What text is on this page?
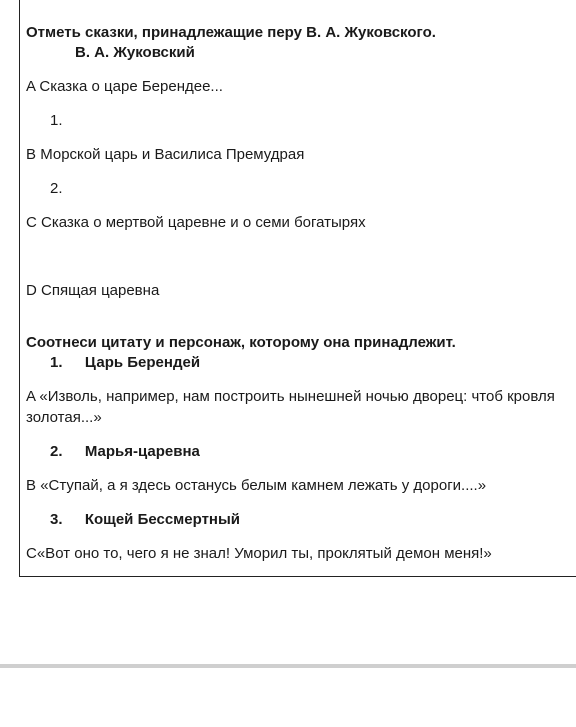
Отметь сказки, принадлежащие перу В. А. Жуковского.
В. А. Жуковский
A Сказка о царе Берендее...
1.
B Морской царь и Василиса Премудрая
2.
C Сказка о мертвой царевне и о семи богатырях
D Спящая царевна
Соотнеси цитату и персонаж, которому она принадлежит.
1. Царь Берендей
A «Изволь, например, нам построить нынешней ночью дворец: чтоб кровля
золотая...»
2. Марья-царевна
B «Ступай, а я здесь останусь белым камнем лежать у дороги....»
3. Кощей Бессмертный
C«Вот оно то, чего я не знал! Уморил ты, проклятый демон меня!»
